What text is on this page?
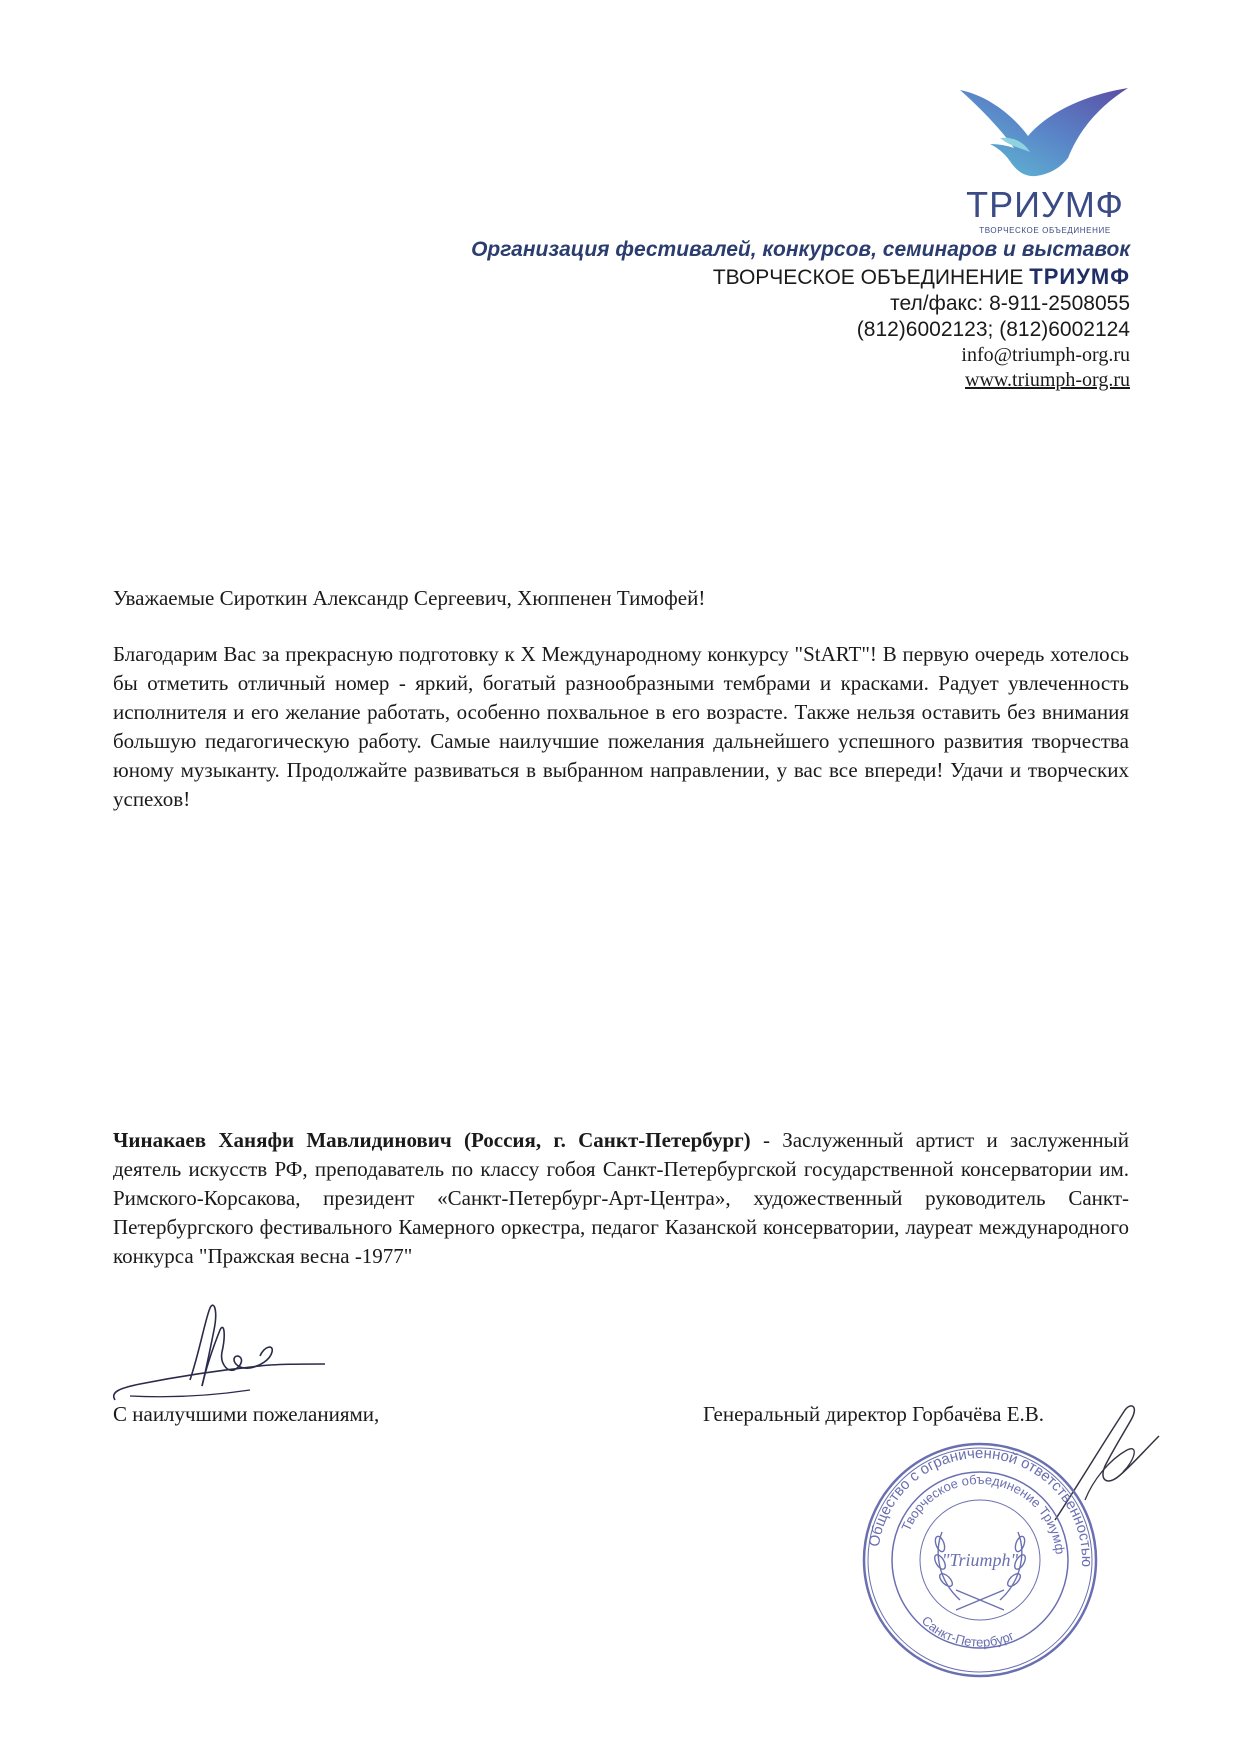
ТРИУМФ
ТВОРЧЕСКОЕ ОБЪЕДИНЕНИЕ
Организация фестивалей, конкурсов, семинаров и выставок
ТВОРЧЕСКОЕ ОБЪЕДИНЕНИЕ ТРИУМФ
тел/факс: 8-911-2508055
(812)6002123; (812)6002124
info@triumph-org.ru
www.triumph-org.ru
Уважаемые Сироткин Александр Сергеевич, Хюппенен Тимофей!
Благодарим Вас за прекрасную подготовку к X Международному конкурсу "StART"! В первую очередь хотелось бы отметить отличный номер - яркий, богатый разнообразными тембрами и красками. Радует увлеченность исполнителя и его желание работать, особенно похвальное в его возрасте. Также нельзя оставить без внимания большую педагогическую работу. Самые наилучшие пожелания дальнейшего успешного развития творчества юному музыканту. Продолжайте развиваться в выбранном направлении, у вас все впереди! Удачи и творческих успехов!
Чинакаев Ханяфи Мавлидинович (Россия, г. Санкт-Петербург) - Заслуженный артист и заслуженный деятель искусств РФ, преподаватель по классу гобоя Санкт-Петербургской государственной консерватории им. Римского-Корсакова, президент «Санкт-Петербург-Арт-Центра», художественный руководитель Санкт-Петербургского фестивального Камерного оркестра, педагог Казанской консерватории, лауреат международного конкурса "Пражская весна -1977"
С наилучшими пожеланиями,	Генеральный директор Горбачёва Е.В.
Общество с ограниченной ответственностью
Творческое объединение Триумф
Санкт-Петербург
"Triumph"
